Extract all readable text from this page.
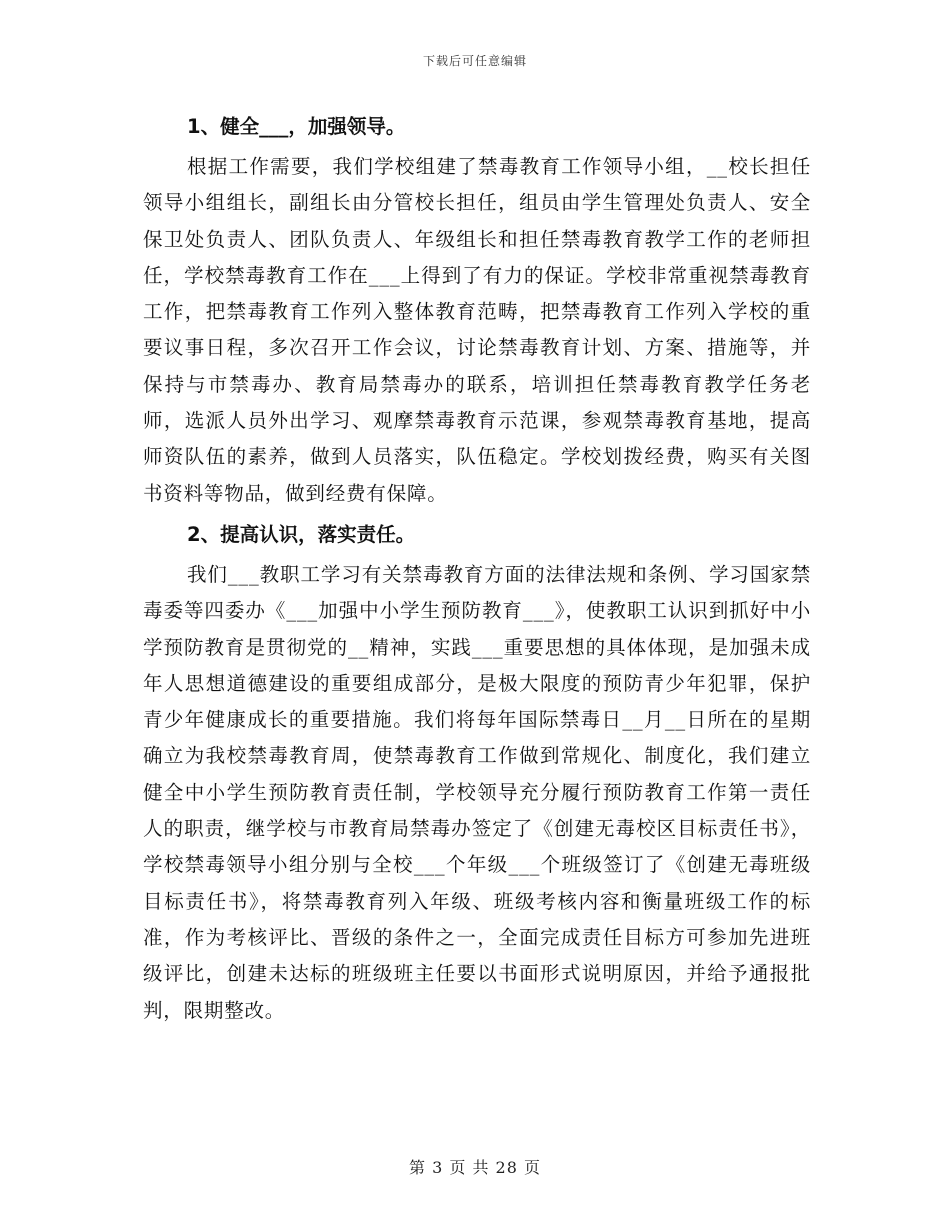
下载后可任意编辑
1、健全___，加强领导。

根据工作需要，我们学校组建了禁毒教育工作领导小组，__校长担任领导小组组长，副组长由分管校长担任，组员由学生管理处负责人、安全保卫处负责人、团队负责人、年级组长和担任禁毒教育教学工作的老师担任，学校禁毒教育工作在___上得到了有力的保证。学校非常重视禁毒教育工作，把禁毒教育工作列入整体教育范畴，把禁毒教育工作列入学校的重要议事日程，多次召开工作会议，讨论禁毒教育计划、方案、措施等，并保持与市禁毒办、教育局禁毒办的联系，培训担任禁毒教育教学任务老师，选派人员外出学习、观摩禁毒教育示范课，参观禁毒教育基地，提高师资队伍的素养，做到人员落实，队伍稳定。学校划拨经费，购买有关图书资料等物品，做到经费有保障。

2、提高认识，落实责任。

我们___教职工学习有关禁毒教育方面的法律法规和条例、学习国家禁毒委等四委办《___加强中小学生预防教育___》，使教职工认识到抓好中小学预防教育是贯彻党的__精神，实践___重要思想的具体体现，是加强未成年人思想道德建设的重要组成部分，是极大限度的预防青少年犯罪，保护青少年健康成长的重要措施。我们将每年国际禁毒日__月__日所在的星期确立为我校禁毒教育周，使禁毒教育工作做到常规化、制度化，我们建立健全中小学生预防教育责任制，学校领导充分履行预防教育工作第一责任人的职责，继学校与市教育局禁毒办签定了《创建无毒校区目标责任书》，学校禁毒领导小组分别与全校___个年级___个班级签订了《创建无毒班级目标责任书》，将禁毒教育列入年级、班级考核内容和衡量班级工作的标准，作为考核评比、晋级的条件之一，全面完成责任目标方可参加先进班级评比，创建未达标的班级班主任要以书面形式说明原因，并给予通报批判，限期整改。

第 3 页 共 28 页
